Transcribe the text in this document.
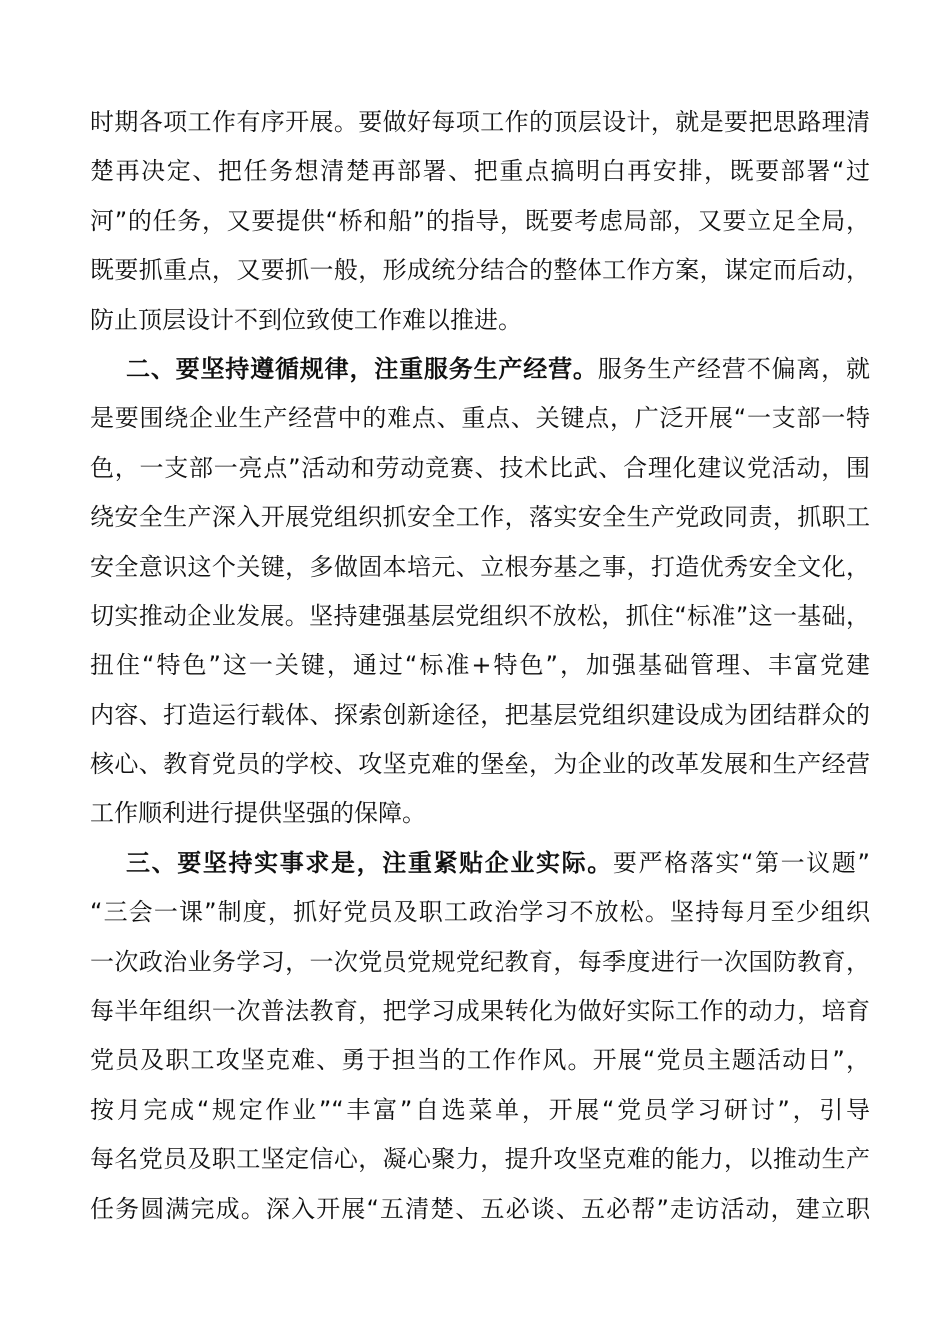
时期各项工作有序开展。要做好每项工作的顶层设计，就是要把思路理清
楚再决定、把任务想清楚再部署、把重点搞明白再安排，既要部署“过
河”的任务，又要提供“桥和船”的指导，既要考虑局部，又要立足全局，
既要抓重点，又要抓一般，形成统分结合的整体工作方案，谋定而后动，
防止顶层设计不到位致使工作难以推进。
二、要坚持遵循规律，注重服务生产经营。服务生产经营不偏离，就
是要围绕企业生产经营中的难点、重点、关键点，广泛开展“一支部一特
色，一支部一亮点”活动和劳动竞赛、技术比武、合理化建议党活动，围
绕安全生产深入开展党组织抓安全工作，落实安全生产党政同责，抓职工
安全意识这个关键，多做固本培元、立根夯基之事，打造优秀安全文化，
切实推动企业发展。坚持建强基层党组织不放松，抓住“标准”这一基础，
扭住“特色”这一关键，通过“标准+特色”，加强基础管理、丰富党建
内容、打造运行载体、探索创新途径，把基层党组织建设成为团结群众的
核心、教育党员的学校、攻坚克难的堡垒，为企业的改革发展和生产经营
工作顺利进行提供坚强的保障。
三、要坚持实事求是，注重紧贴企业实际。要严格落实“第一议题”
“三会一课”制度，抓好党员及职工政治学习不放松。坚持每月至少组织
一次政治业务学习，一次党员党规党纪教育，每季度进行一次国防教育，
每半年组织一次普法教育，把学习成果转化为做好实际工作的动力，培育
党员及职工攻坚克难、勇于担当的工作作风。开展“党员主题活动日”，
按月完成“规定作业”“丰富”自选菜单，开展“党员学习研讨”，引导
每名党员及职工坚定信心，凝心聚力，提升攻坚克难的能力，以推动生产
任务圆满完成。深入开展“五清楚、五必谈、五必帮”走访活动，建立职
